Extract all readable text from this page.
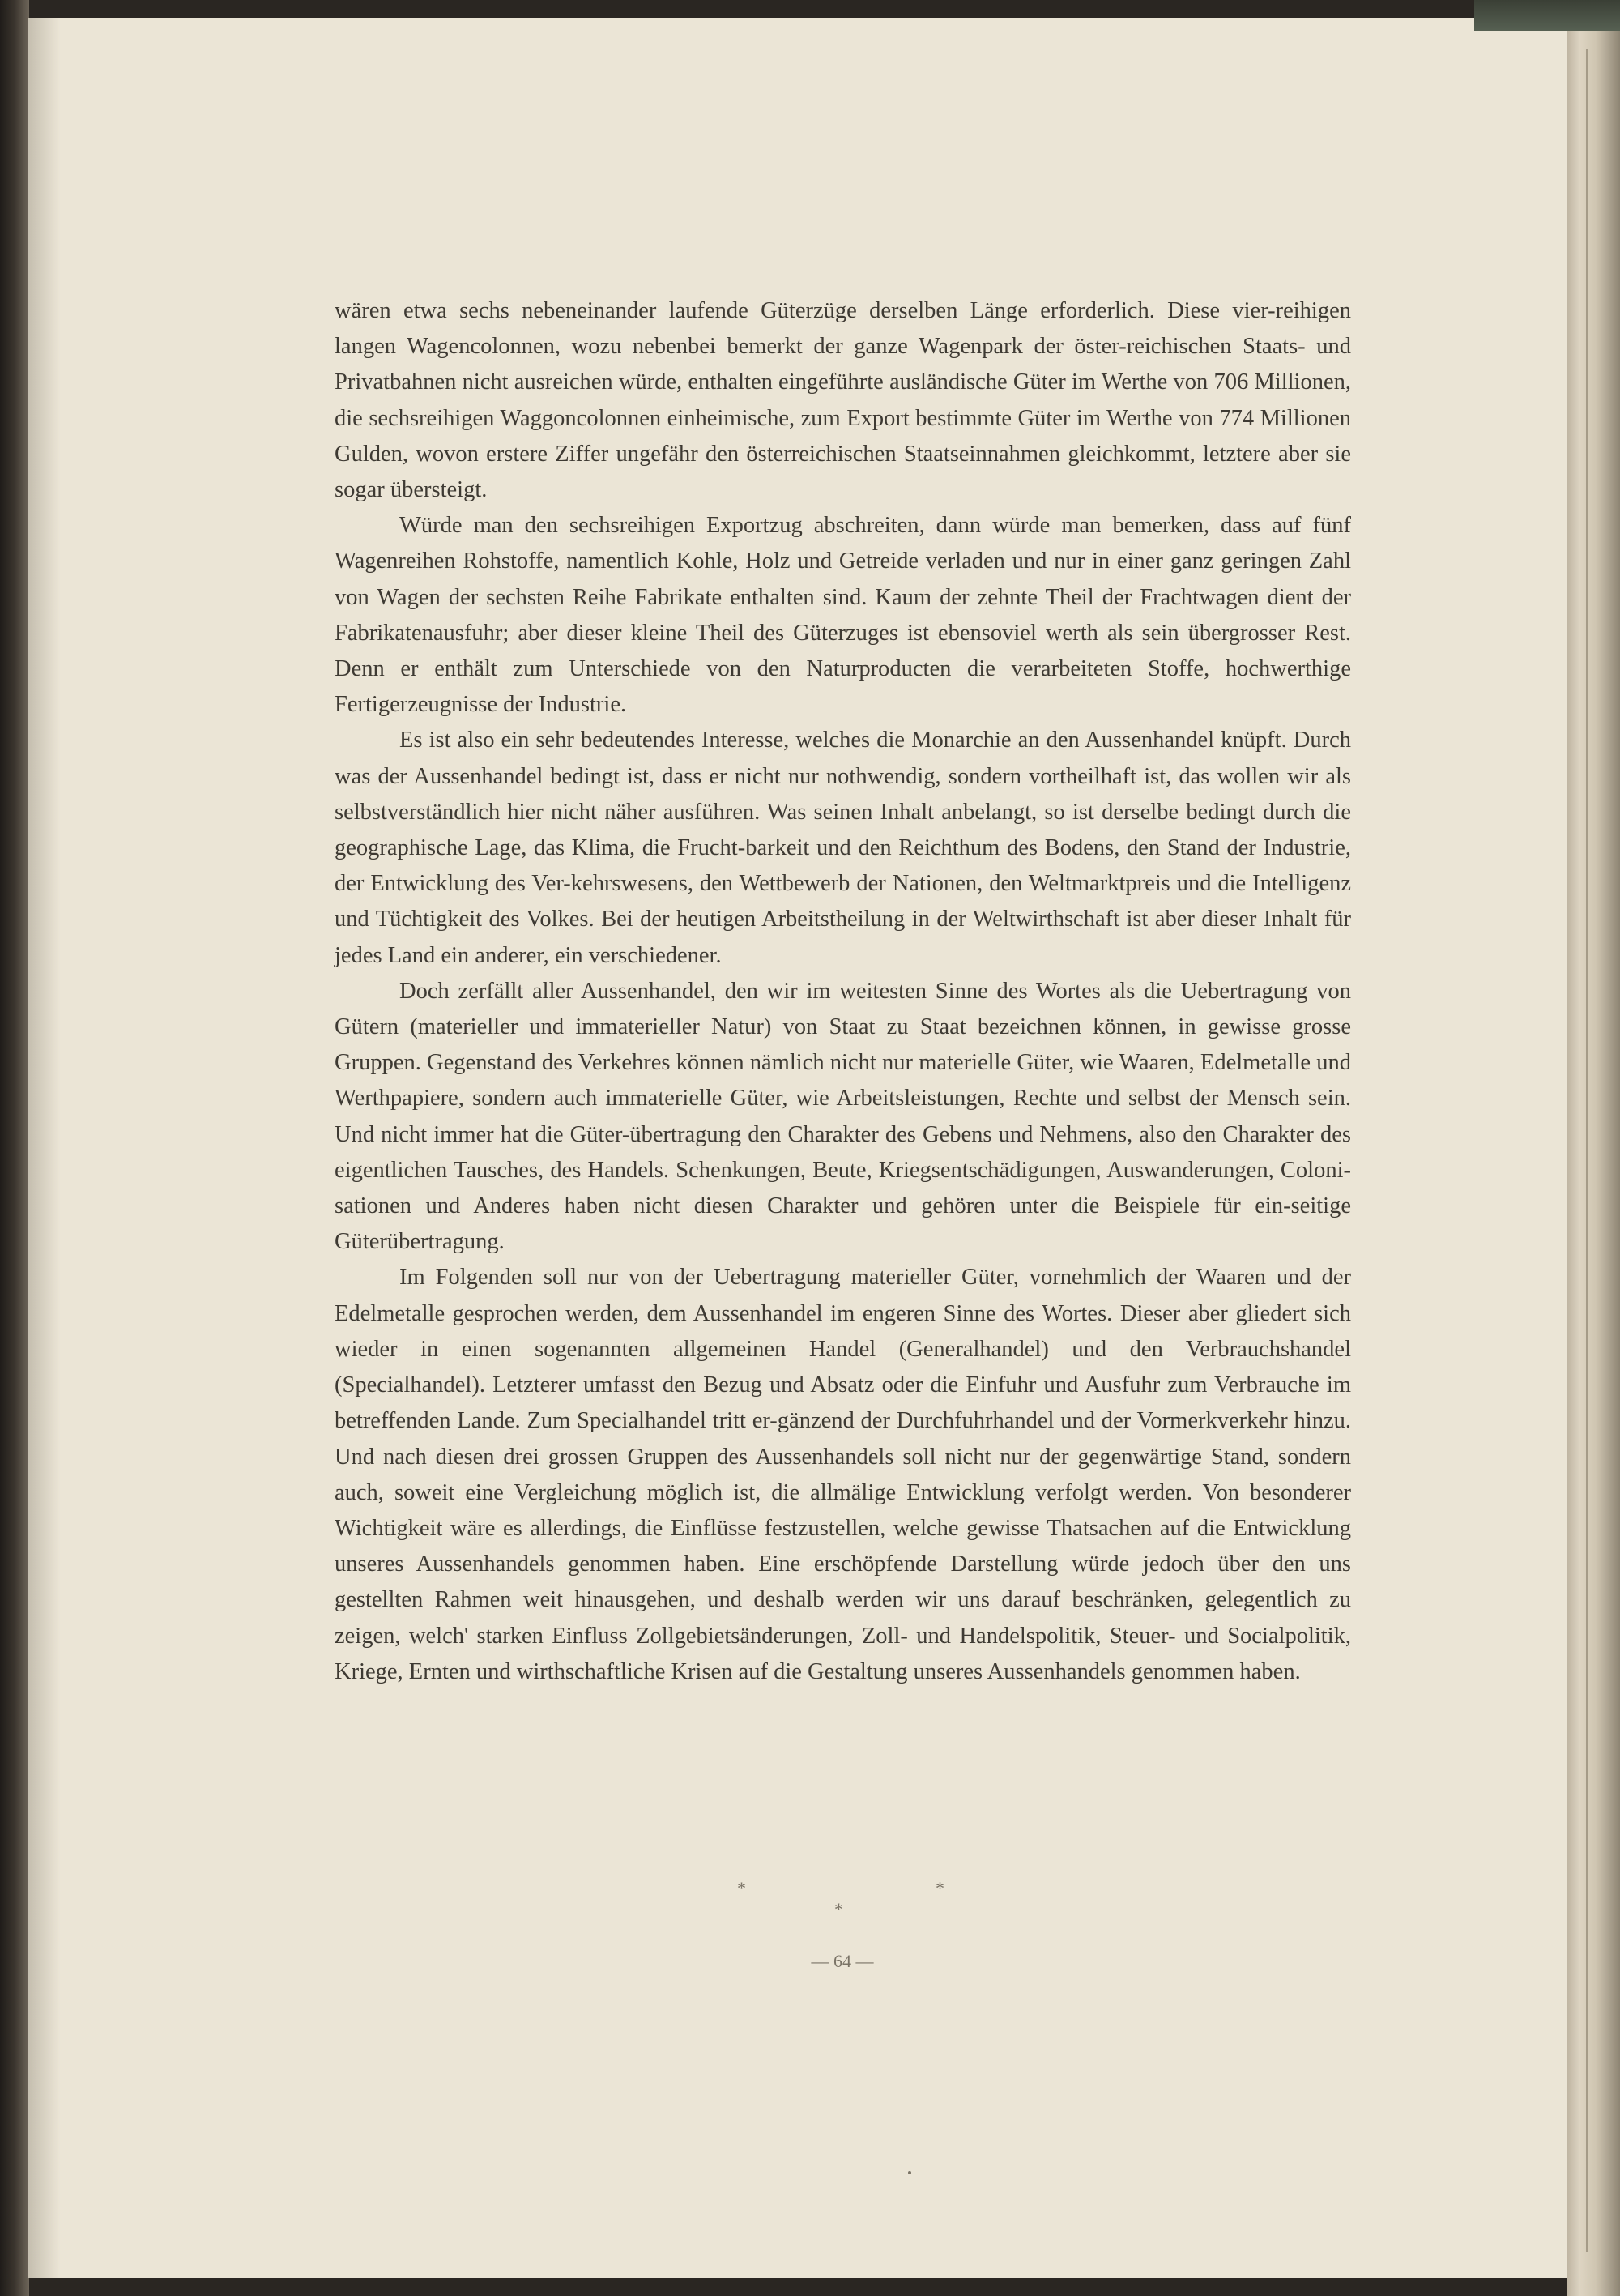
wären etwa sechs nebeneinander laufende Güterzüge derselben Länge erforderlich. Diese vier-reihigen langen Wagencolonnen, wozu nebenbei bemerkt der ganze Wagenpark der öster-reichischen Staats- und Privatbahnen nicht ausreichen würde, enthalten eingeführte ausländische Güter im Werthe von 706 Millionen, die sechsreihigen Waggoncolonnen einheimische, zum Export bestimmte Güter im Werthe von 774 Millionen Gulden, wovon erstere Ziffer ungefähr den österreichischen Staatseinnahmen gleichkommt, letztere aber sie sogar übersteigt.

Würde man den sechsreihigen Exportzug abschreiten, dann würde man bemerken, dass auf fünf Wagenreihen Rohstoffe, namentlich Kohle, Holz und Getreide verladen und nur in einer ganz geringen Zahl von Wagen der sechsten Reihe Fabrikate enthalten sind. Kaum der zehnte Theil der Frachtwagen dient der Fabrikatenausfuhr; aber dieser kleine Theil des Güterzuges ist ebensoviel werth als sein übergrosser Rest. Denn er enthält zum Unterschiede von den Naturproducten die verarbeiteten Stoffe, hochwerthige Fertigerzeugnisse der Industrie.

Es ist also ein sehr bedeutendes Interesse, welches die Monarchie an den Aussenhandel knüpft. Durch was der Aussenhandel bedingt ist, dass er nicht nur nothwendig, sondern vortheilhaft ist, das wollen wir als selbstverständlich hier nicht näher ausführen. Was seinen Inhalt anbelangt, so ist derselbe bedingt durch die geographische Lage, das Klima, die Frucht-barkeit und den Reichthum des Bodens, den Stand der Industrie, der Entwicklung des Ver-kehrswesens, den Wettbewerb der Nationen, den Weltmarktpreis und die Intelligenz und Tüchtigkeit des Volkes. Bei der heutigen Arbeitstheilung in der Weltwirthschaft ist aber dieser Inhalt für jedes Land ein anderer, ein verschiedener.

Doch zerfällt aller Aussenhandel, den wir im weitesten Sinne des Wortes als die Uebertragung von Gütern (materieller und immaterieller Natur) von Staat zu Staat bezeichnen können, in gewisse grosse Gruppen. Gegenstand des Verkehres können nämlich nicht nur materielle Güter, wie Waaren, Edelmetalle und Werthpapiere, sondern auch immaterielle Güter, wie Arbeitsleistungen, Rechte und selbst der Mensch sein. Und nicht immer hat die Güter-übertragung den Charakter des Gebens und Nehmens, also den Charakter des eigentlichen Tausches, des Handels. Schenkungen, Beute, Kriegsentschädigungen, Auswanderungen, Coloni-sationen und Anderes haben nicht diesen Charakter und gehören unter die Beispiele für ein-seitige Güterübertragung.

Im Folgenden soll nur von der Uebertragung materieller Güter, vornehmlich der Waaren und der Edelmetalle gesprochen werden, dem Aussenhandel im engeren Sinne des Wortes. Dieser aber gliedert sich wieder in einen sogenannten allgemeinen Handel (Generalhandel) und den Verbrauchshandel (Specialhandel). Letzterer umfasst den Bezug und Absatz oder die Einfuhr und Ausfuhr zum Verbrauche im betreffenden Lande. Zum Specialhandel tritt er-gänzend der Durchfuhrhandel und der Vormerkverkehr hinzu. Und nach diesen drei grossen Gruppen des Aussenhandels soll nicht nur der gegenwärtige Stand, sondern auch, soweit eine Vergleichung möglich ist, die allmälige Entwicklung verfolgt werden. Von besonderer Wichtigkeit wäre es allerdings, die Einflüsse festzustellen, welche gewisse Thatsachen auf die Entwicklung unseres Aussenhandels genommen haben. Eine erschöpfende Darstellung würde jedoch über den uns gestellten Rahmen weit hinausgehen, und deshalb werden wir uns darauf beschränken, gelegentlich zu zeigen, welch' starken Einfluss Zollgebietsänderungen, Zoll- und Handelspolitik, Steuer- und Socialpolitik, Kriege, Ernten und wirthschaftliche Krisen auf die Gestaltung unseres Aussenhandels genommen haben.

*	*
*
— 64 —
